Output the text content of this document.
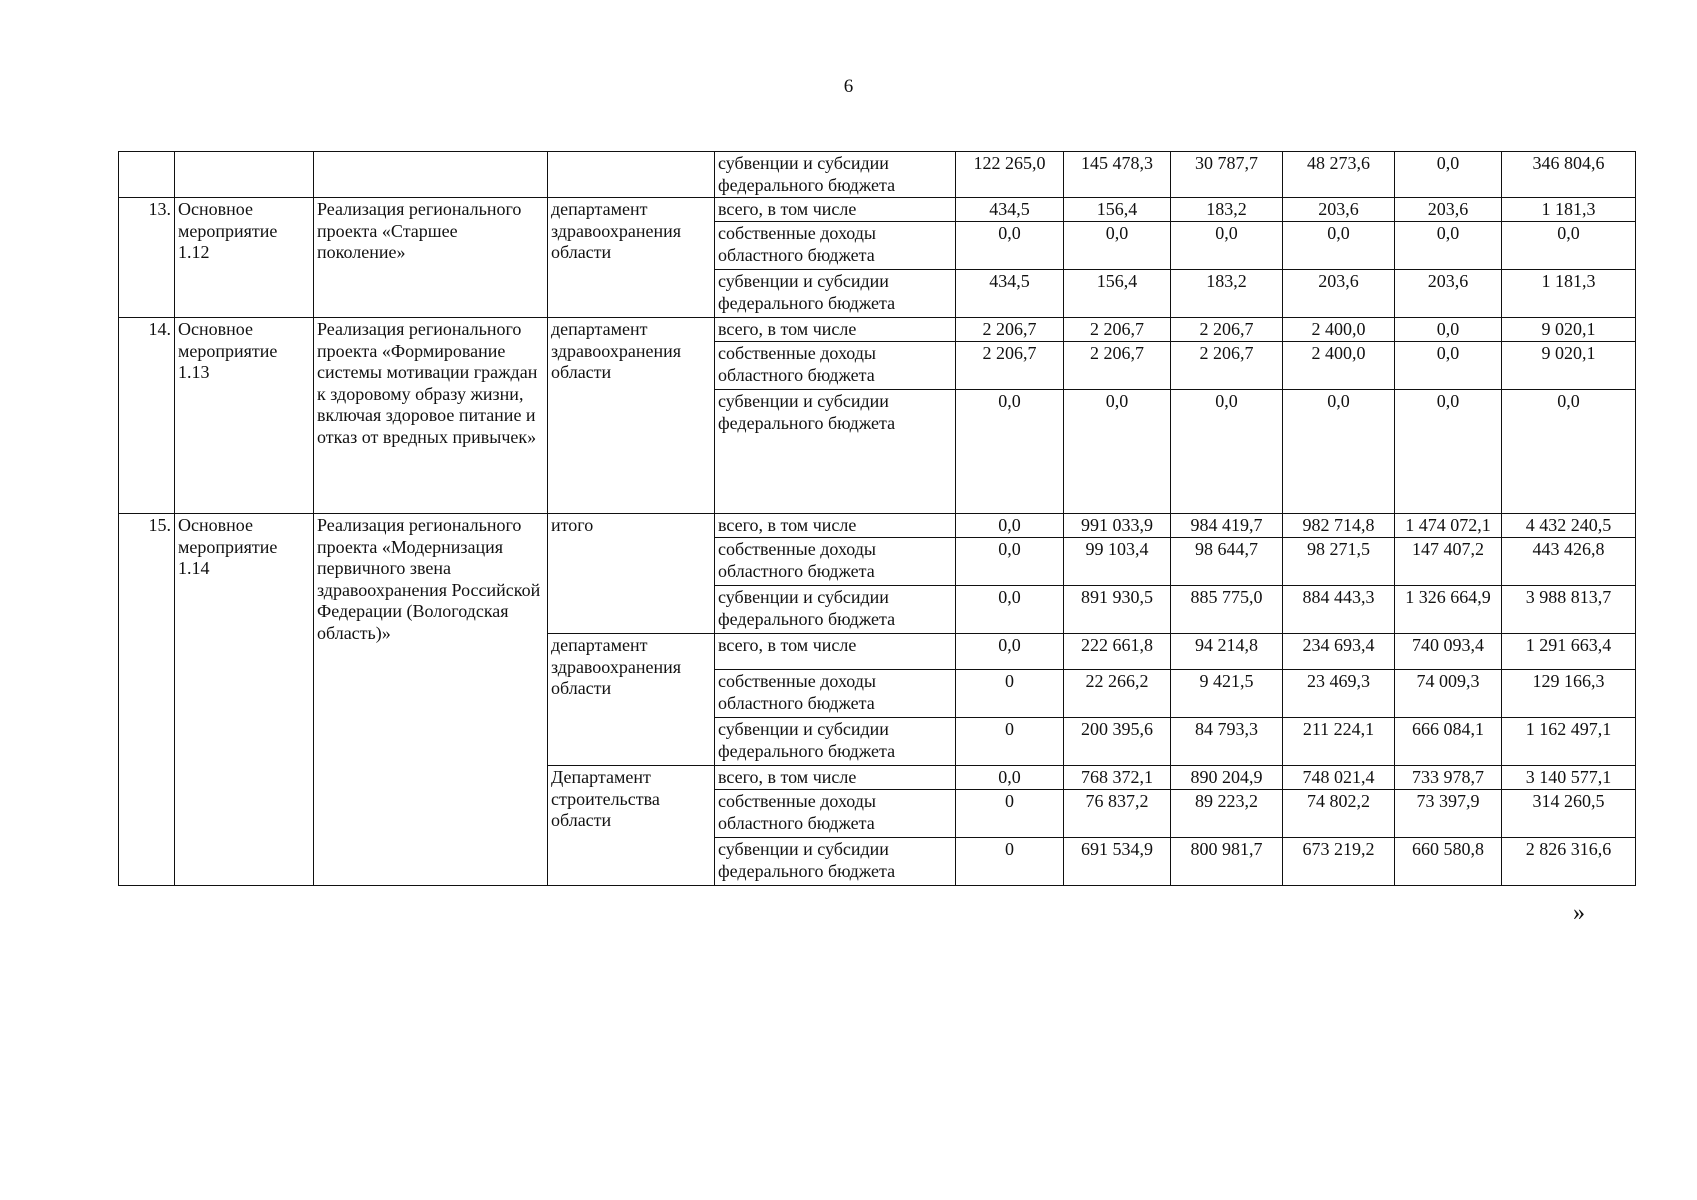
6
				субвенции и субсидии федерального бюджета	122 265,0	145 478,3	30 787,7	48 273,6	0,0	346 804,6
13.	Основное мероприятие 1.12	Реализация регионального проекта «Старшее поколение»	департамент здравоохранения области	всего, в том числе	434,5	156,4	183,2	203,6	203,6	1 181,3
				собственные доходы областного бюджета	0,0	0,0	0,0	0,0	0,0	0,0
				субвенции и субсидии федерального бюджета	434,5	156,4	183,2	203,6	203,6	1 181,3
14.	Основное мероприятие 1.13	Реализация регионального проекта «Формирование системы мотивации граждан к здоровому образу жизни, включая здоровое питание и отказ от вредных привычек»	департамент здравоохранения области	всего, в том числе	2 206,7	2 206,7	2 206,7	2 400,0	0,0	9 020,1
				собственные доходы областного бюджета	2 206,7	2 206,7	2 206,7	2 400,0	0,0	9 020,1
				субвенции и субсидии федерального бюджета	0,0	0,0	0,0	0,0	0,0	0,0
15.	Основное мероприятие 1.14	Реализация регионального проекта «Модернизация первичного звена здравоохранения Российской Федерации (Вологодская область)»	итого	всего, в том числе	0,0	991 033,9	984 419,7	982 714,8	1 474 072,1	4 432 240,5
				собственные доходы областного бюджета	0,0	99 103,4	98 644,7	98 271,5	147 407,2	443 426,8
				субвенции и субсидии федерального бюджета	0,0	891 930,5	885 775,0	884 443,3	1 326 664,9	3 988 813,7
			департамент здравоохранения области	всего, в том числе	0,0	222 661,8	94 214,8	234 693,4	740 093,4	1 291 663,4
				собственные доходы областного бюджета	0	22 266,2	9 421,5	23 469,3	74 009,3	129 166,3
				субвенции и субсидии федерального бюджета	0	200 395,6	84 793,3	211 224,1	666 084,1	1 162 497,1
			Департамент строительства области	всего, в том числе	0,0	768 372,1	890 204,9	748 021,4	733 978,7	3 140 577,1
				собственные доходы областного бюджета	0	76 837,2	89 223,2	74 802,2	73 397,9	314 260,5
				субвенции и субсидии федерального бюджета	0	691 534,9	800 981,7	673 219,2	660 580,8	2 826 316,6
»
